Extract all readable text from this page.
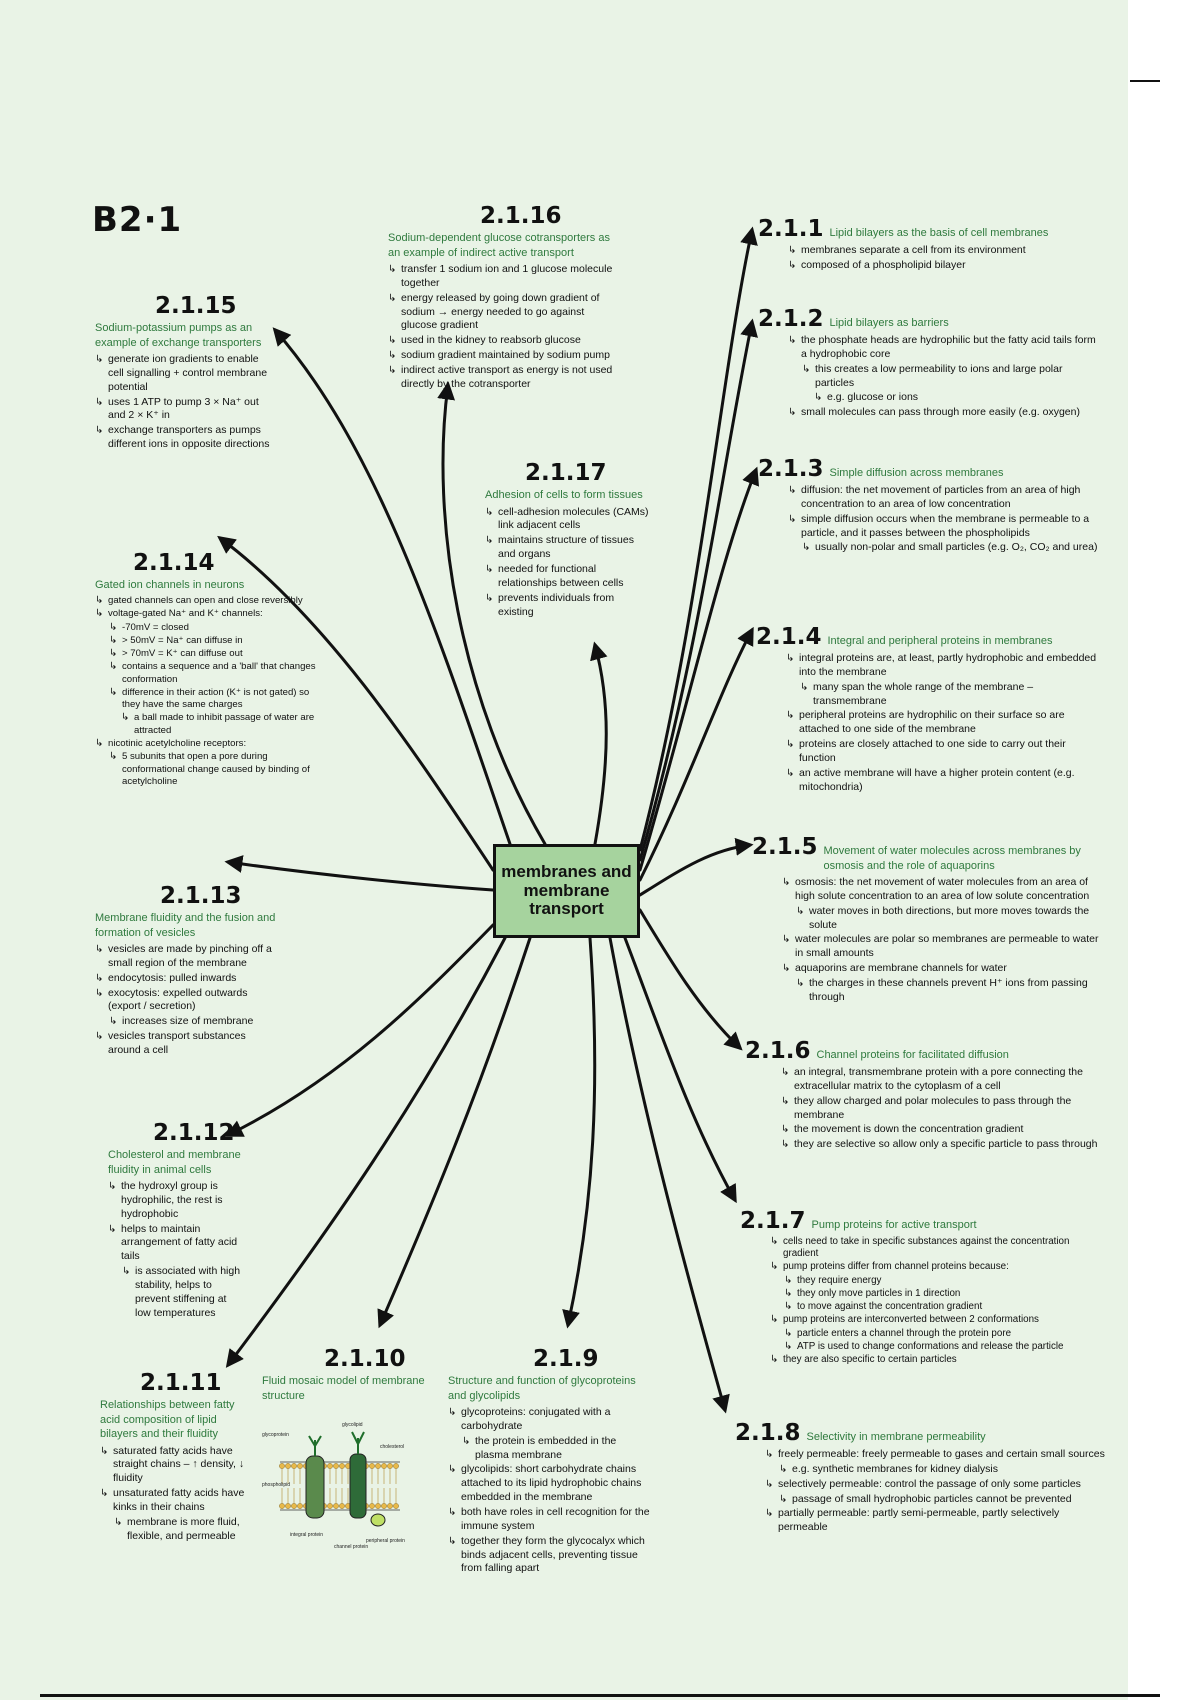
B2·1
membranes and membrane transport
2.1.15
Sodium-potassium pumps as an example of exchange transporters
↳ generate ion gradients to enable cell signalling + control membrane potential
↳ uses 1 ATP to pump 3 × Na⁺ out and 2 × K⁺ in
↳ exchange transporters as pumps different ions in opposite directions
2.1.16
Sodium-dependent glucose cotransporters as an example of indirect active transport
↳ transfer 1 sodium ion and 1 glucose molecule together
↳ energy released by going down gradient of sodium → energy needed to go against glucose gradient
↳ used in the kidney to reabsorb glucose
↳ sodium gradient maintained by sodium pump
↳ indirect active transport as energy is not used directly by the cotransporter
2.1.17
Adhesion of cells to form tissues
↳ cell-adhesion molecules (CAMs) link adjacent cells
↳ maintains structure of tissues and organs
↳ needed for functional relationships between cells
↳ prevents individuals from existing
2.1.14
Gated ion channels in neurons
↳ gated channels can open and close reversibly
↳ voltage-gated Na⁺ and K⁺ channels:
↳ -70mV = closed
↳ > 50mV = Na⁺ can diffuse in
↳ > 70mV = K⁺ can diffuse out
↳ contains a sequence and a 'ball' that changes conformation
↳ difference in their action (K⁺ is not gated) so they have the same charges
↳ a ball made to inhibit passage of water are attracted
↳ nicotinic acetylcholine receptors:
↳ 5 subunits that open a pore during conformational change caused by binding of acetylcholine
2.1.13
Membrane fluidity and the fusion and formation of vesicles
↳ vesicles are made by pinching off a small region of the membrane
↳ endocytosis: pulled inwards
↳ exocytosis: expelled outwards (export / secretion)
↳ increases size of membrane
↳ vesicles transport substances around a cell
2.1.12
Cholesterol and membrane fluidity in animal cells
↳ the hydroxyl group is hydrophilic, the rest is hydrophobic
↳ helps to maintain arrangement of fatty acid tails
↳ is associated with high stability, helps to prevent stiffening at low temperatures
2.1.11
Relationships between fatty acid composition of lipid bilayers and their fluidity
↳ saturated fatty acids have straight chains – ↑ density, ↓ fluidity
↳ unsaturated fatty acids have kinks in their chains
↳ membrane is more fluid, flexible, and permeable
2.1.10
Fluid mosaic model of membrane structure
glycoprotein
glycolipid
phospholipid
cholesterol
integral protein
peripheral protein
channel protein
2.1.9
Structure and function of glycoproteins and glycolipids
↳ glycoproteins: conjugated with a carbohydrate
↳ the protein is embedded in the plasma membrane
↳ glycolipids: short carbohydrate chains attached to its lipid hydrophobic chains embedded in the membrane
↳ both have roles in cell recognition for the immune system
↳ together they form the glycocalyx which binds adjacent cells, preventing tissue from falling apart
2.1.1 Lipid bilayers as the basis of cell membranes
↳ membranes separate a cell from its environment
↳ composed of a phospholipid bilayer
2.1.2 Lipid bilayers as barriers
↳ the phosphate heads are hydrophilic but the fatty acid tails form a hydrophobic core
↳ this creates a low permeability to ions and large polar particles
↳ e.g. glucose or ions
↳ small molecules can pass through more easily (e.g. oxygen)
2.1.3 Simple diffusion across membranes
↳ diffusion: the net movement of particles from an area of high concentration to an area of low concentration
↳ simple diffusion occurs when the membrane is permeable to a particle, and it passes between the phospholipids
↳ usually non-polar and small particles (e.g. O₂, CO₂ and urea)
2.1.4 Integral and peripheral proteins in membranes
↳ integral proteins are, at least, partly hydrophobic and embedded into the membrane
↳ many span the whole range of the membrane – transmembrane
↳ peripheral proteins are hydrophilic on their surface so are attached to one side of the membrane
↳ proteins are closely attached to one side to carry out their function
↳ an active membrane will have a higher protein content (e.g. mitochondria)
2.1.5 Movement of water molecules across membranes by osmosis and the role of aquaporins
↳ osmosis: the net movement of water molecules from an area of high solute concentration to an area of low solute concentration
↳ water moves in both directions, but more moves towards the solute
↳ water molecules are polar so membranes are permeable to water in small amounts
↳ aquaporins are membrane channels for water
↳ the charges in these channels prevent H⁺ ions from passing through
2.1.6 Channel proteins for facilitated diffusion
↳ an integral, transmembrane protein with a pore connecting the extracellular matrix to the cytoplasm of a cell
↳ they allow charged and polar molecules to pass through the membrane
↳ the movement is down the concentration gradient
↳ they are selective so allow only a specific particle to pass through
2.1.7 Pump proteins for active transport
↳ cells need to take in specific substances against the concentration gradient
↳ pump proteins differ from channel proteins because:
↳ they require energy
↳ they only move particles in 1 direction
↳ to move against the concentration gradient
↳ pump proteins are interconverted between 2 conformations
↳ particle enters a channel through the protein pore
↳ ATP is used to change conformations and release the particle
↳ they are also specific to certain particles
2.1.8 Selectivity in membrane permeability
↳ freely permeable: freely permeable to gases and certain small sources
↳ e.g. synthetic membranes for kidney dialysis
↳ selectively permeable: control the passage of only some particles
↳ passage of small hydrophobic particles cannot be prevented
↳ partially permeable: partly semi-permeable, partly selectively permeable
